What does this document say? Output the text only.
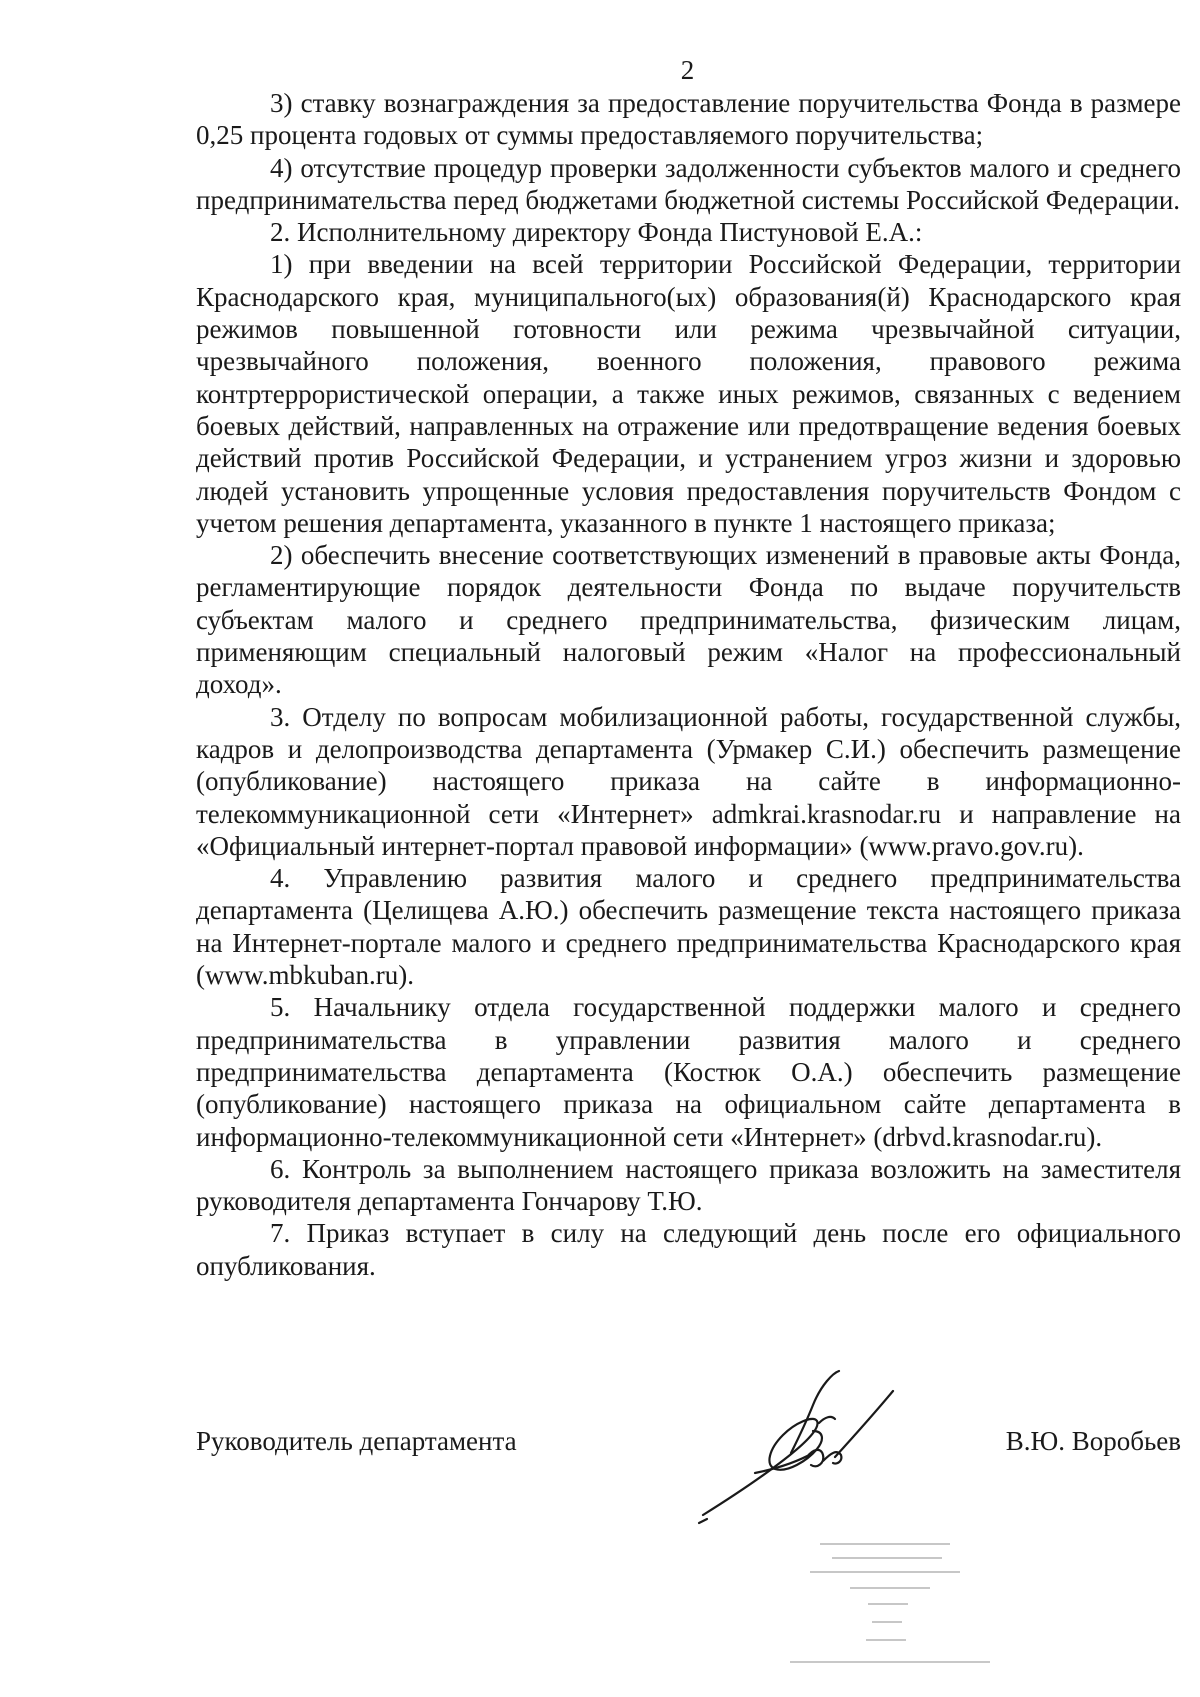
2

3) ставку вознаграждения за предоставление поручительства Фонда в размере 0,25 процента годовых от суммы предоставляемого поручительства;

4) отсутствие процедур проверки задолженности субъектов малого и среднего предпринимательства перед бюджетами бюджетной системы Российской Федерации.

2. Исполнительному директору Фонда Пистуновой Е.А.:

1) при введении на всей территории Российской Федерации, территории Краснодарского края, муниципального(ых) образования(й) Краснодарского края режимов повышенной готовности или режима чрезвычайной ситуации, чрезвычайного положения, военного положения, правового режима контртеррористической операции, а также иных режимов, связанных с ведением боевых действий, направленных на отражение или предотвращение ведения боевых действий против Российской Федерации, и устранением угроз жизни и здоровью людей установить упрощенные условия предоставления поручительств Фондом с учетом решения департамента, указанного в пункте 1 настоящего приказа;

2) обеспечить внесение соответствующих изменений в правовые акты Фонда, регламентирующие порядок деятельности Фонда по выдаче поручительств субъектам малого и среднего предпринимательства, физическим лицам, применяющим специальный налоговый режим «Налог на профессиональный доход».

3. Отделу по вопросам мобилизационной работы, государственной службы, кадров и делопроизводства департамента (Урмакер С.И.) обеспечить размещение (опубликование) настоящего приказа на сайте в информационно-телекоммуникационной сети «Интернет» admkrai.krasnodar.ru и направление на «Официальный интернет-портал правовой информации» (www.pravo.gov.ru).

4. Управлению развития малого и среднего предпринимательства департамента (Целищева А.Ю.) обеспечить размещение текста настоящего приказа на Интернет-портале малого и среднего предпринимательства Краснодарского края (www.mbkuban.ru).

5. Начальнику отдела государственной поддержки малого и среднего предпринимательства в управлении развития малого и среднего предпринимательства департамента (Костюк О.А.) обеспечить размещение (опубликование) настоящего приказа на официальном сайте департамента в информационно-телекоммуникационной сети «Интернет» (drbvd.krasnodar.ru).

6. Контроль за выполнением настоящего приказа возложить на заместителя руководителя департамента Гончарову Т.Ю.

7. Приказ вступает в силу на следующий день после его официального опубликования.

Руководитель департамента	В.Ю. Воробьев
